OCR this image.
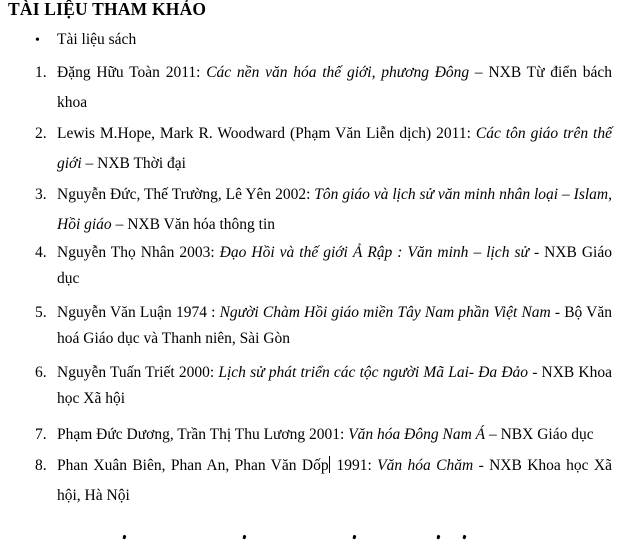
TÀI LIỆU THAM KHẢO
• Tài liệu sách
1. Đặng Hữu Toàn 2011: Các nền văn hóa thế giới, phương Đông – NXB Từ điển bách khoa
2. Lewis M.Hope, Mark R. Woodward (Phạm Văn Liễn dịch) 2011: Các tôn giáo trên thế giới – NXB Thời đại
3. Nguyễn Đức, Thế Trường, Lê Yên 2002: Tôn giáo và lịch sử văn minh nhân loại – Islam, Hồi giáo – NXB Văn hóa thông tin
4. Nguyễn Thọ Nhân 2003: Đạo Hồi và thế giới Ả Rập : Văn minh – lịch sử - NXB Giáo dục
5. Nguyễn Văn Luận 1974 : Người Chàm Hồi giáo miền Tây Nam phần Việt Nam - Bộ Văn hoá Giáo dục và Thanh niên, Sài Gòn
6. Nguyễn Tuấn Triết 2000: Lịch sử phát triển các tộc người Mã Lai- Đa Đảo - NXB Khoa học Xã hội
7. Phạm Đức Dương, Trần Thị Thu Lương 2001: Văn hóa Đông Nam Á – NBX Giáo dục
8. Phan Xuân Biên, Phan An, Phan Văn Dốp 1991: Văn hóa Chăm - NXB Khoa học Xã hội, Hà Nội
